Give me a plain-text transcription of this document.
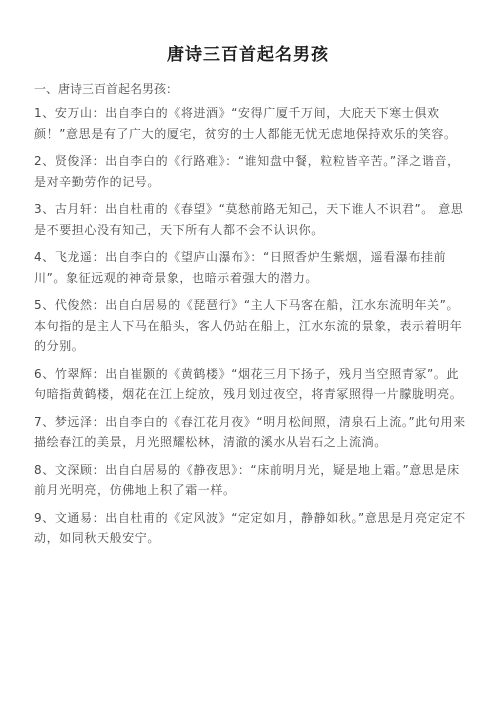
唐诗三百首起名男孩
一、唐诗三百首起名男孩：

1、安万山：出自李白的《将进酒》“安得广厦千万间，大庇天下寒士俱欢颜！”意思是有了广大的厦宅，贫穷的士人都能无忧无虑地保持欢乐的笑容。

2、贤俊泽：出自李白的《行路难》：“谁知盘中餐，粒粒皆辛苦。”泽之谐音，是对辛勤劳作的记号。

3、古月轩：出自杜甫的《春望》“莫愁前路无知己，天下谁人不识君”。 意思是不要担心没有知己，天下所有人都不会不认识你。

4、飞龙遥：出自李白的《望庐山瀑布》：“日照香炉生紫烟，遥看瀑布挂前川”。象征远观的神奇景象，也暗示着强大的潜力。

5、代俊然：出自白居易的《琵琶行》“主人下马客在船，江水东流明年关”。本句指的是主人下马在船头，客人仍站在船上，江水东流的景象，表示着明年的分别。

6、竹翠辉：出自崔颢的《黄鹤楼》“烟花三月下扬子，残月当空照青冢”。此句暗指黄鹤楼，烟花在江上绽放，残月划过夜空，将青冢照得一片朦胧明亮。

7、梦远泽：出自李白的《春江花月夜》“明月松间照，清泉石上流。”此句用来描绘春江的美景，月光照耀松林，清澈的溪水从岩石之上流淌。

8、文深顾：出自白居易的《静夜思》：“床前明月光，疑是地上霜。”意思是床前月光明亮，仿佛地上积了霜一样。

9、文通易：出自杜甫的《定风波》“定定如月，静静如秋。”意思是月亮定定不动，如同秋天般安宁。
